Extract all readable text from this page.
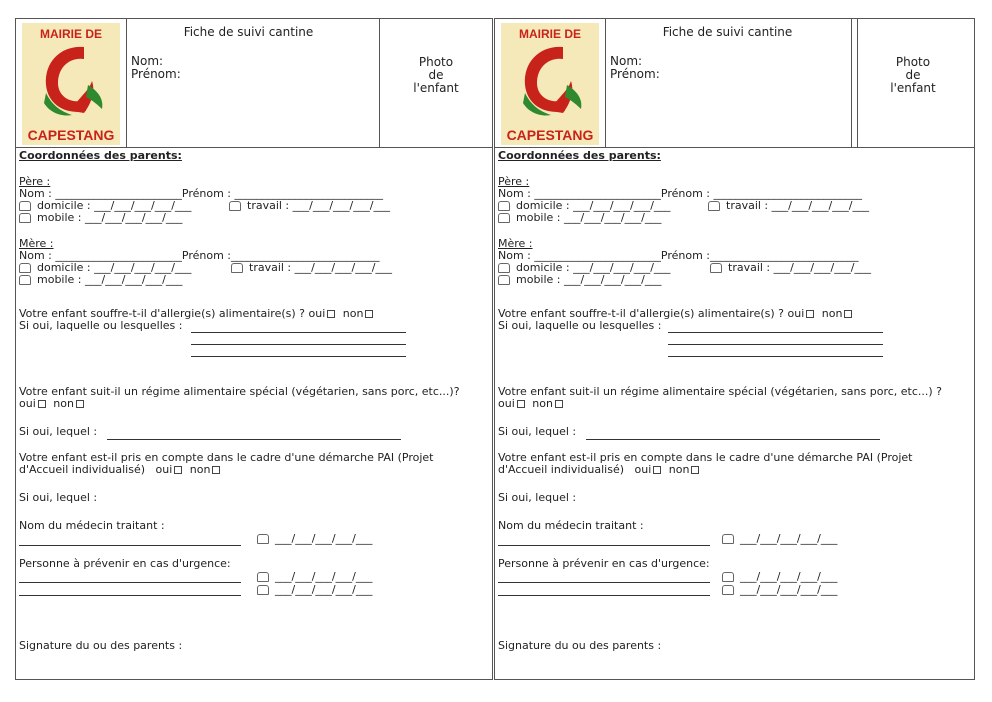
MAIRIE DE
CAPESTANG
Fiche de suivi cantine
Nom:
Prénom:
Photo
de
l'enfant
Coordonnées des parents:
Père :
Nom : _______________________Prénom : ___________________________
domicile : ___/___/___/___/___	travail : ___/___/___/___/___
mobile : ___/___/___/___/___
Mère :
Nom : _______________________Prénom :___________________________
domicile : ___/___/___/___/___	travail : ___/___/___/___/___
mobile : ___/___/___/___/___
Votre enfant souffre-t-il d'allergie(s) alimentaire(s) ? oui non
Si oui, laquelle ou lesquelles :
Votre enfant suit-il un régime alimentaire spécial (végétarien, sans porc, etc...)?
oui non
Si oui, lequel :
Votre enfant est-il pris en compte dans le cadre d'une démarche PAI (Projet
d'Accueil individualisé) oui non
Si oui, lequel :
Nom du médecin traitant :
___/___/___/___/___
Personne à prévenir en cas d'urgence:
___/___/___/___/___
___/___/___/___/___
Signature du ou des parents :
MAIRIE DE
CAPESTANG
Fiche de suivi cantine
Nom:
Prénom:
Photo
de
l'enfant
Coordonnées des parents:
Père :
Nom : _______________________Prénom : ___________________________
domicile : ___/___/___/___/___	travail : ___/___/___/___/___
mobile : ___/___/___/___/___
Mère :
Nom : _______________________Prénom :___________________________
domicile : ___/___/___/___/___	travail : ___/___/___/___/___
mobile : ___/___/___/___/___
Votre enfant souffre-t-il d'allergie(s) alimentaire(s) ? oui non
Si oui, laquelle ou lesquelles :
Votre enfant suit-il un régime alimentaire spécial (végétarien, sans porc, etc...) ?
oui non
Si oui, lequel :
Votre enfant est-il pris en compte dans le cadre d'une démarche PAI (Projet
d'Accueil individualisé) oui non
Si oui, lequel :
Nom du médecin traitant :
___/___/___/___/___
Personne à prévenir en cas d'urgence:
___/___/___/___/___
___/___/___/___/___
Signature du ou des parents :
